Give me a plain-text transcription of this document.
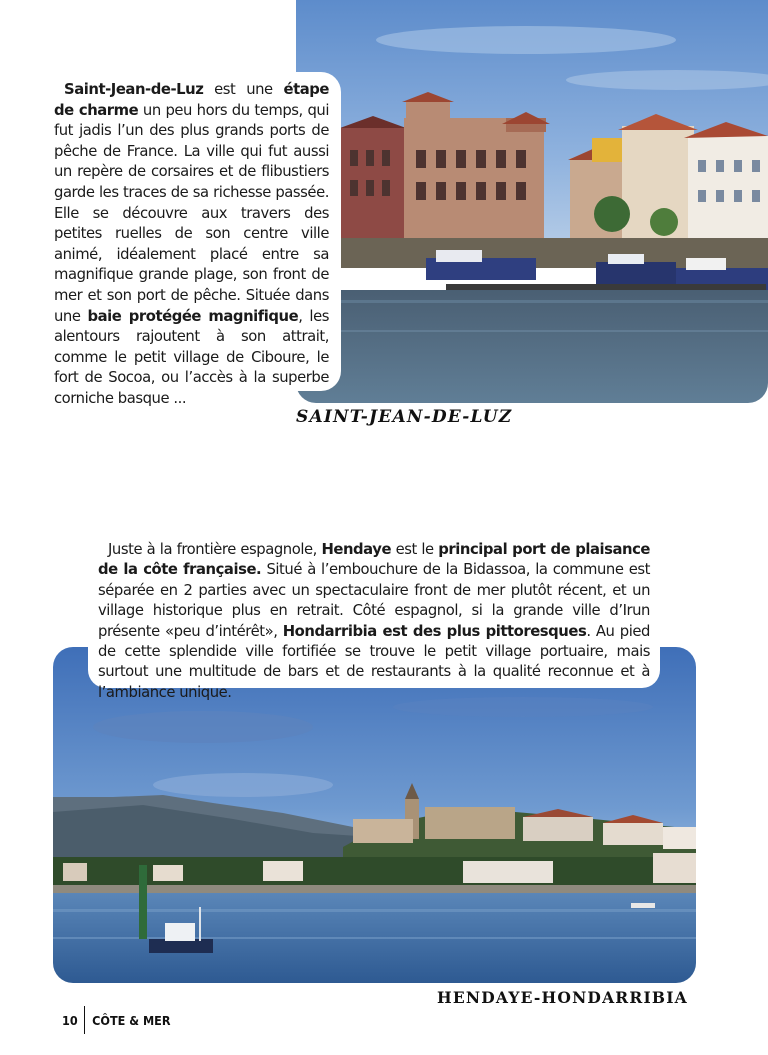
Saint-Jean-de-Luz est une étape de charme un peu hors du temps, qui fut jadis l’un des plus grands ports de pêche de France. La ville qui fut aussi un repère de corsaires et de flibustiers garde les traces de sa richesse passée. Elle se découvre aux travers des petites ruelles de son centre ville animé, idéalement placé entre sa magnifique grande plage, son front de mer et son port de pêche. Située dans une baie protégée magnifique, les alentours rajoutent à son attrait, comme le petit village de Ciboure, le fort de Socoa, ou l’accès à la superbe corniche basque ...

SAINT-JEAN-DE-LUZ

Juste à la frontière espagnole, Hendaye est le principal port de plaisance de la côte française. Situé à l’embouchure de la Bidassoa, la commune est séparée en 2 parties avec un spectaculaire front de mer plutôt récent, et un village historique plus en retrait. Côté espagnol, si la grande ville d’Irun présente «peu d’intérêt», Hondarribia est des plus pittoresques. Au pied de cette splendide ville fortifiée se trouve le petit village portuaire, mais surtout une multitude de bars et de restaurants à la qualité reconnue et à l’ambiance unique.

HENDAYE-HONDARRIBIA

10 CÔTE & MER
